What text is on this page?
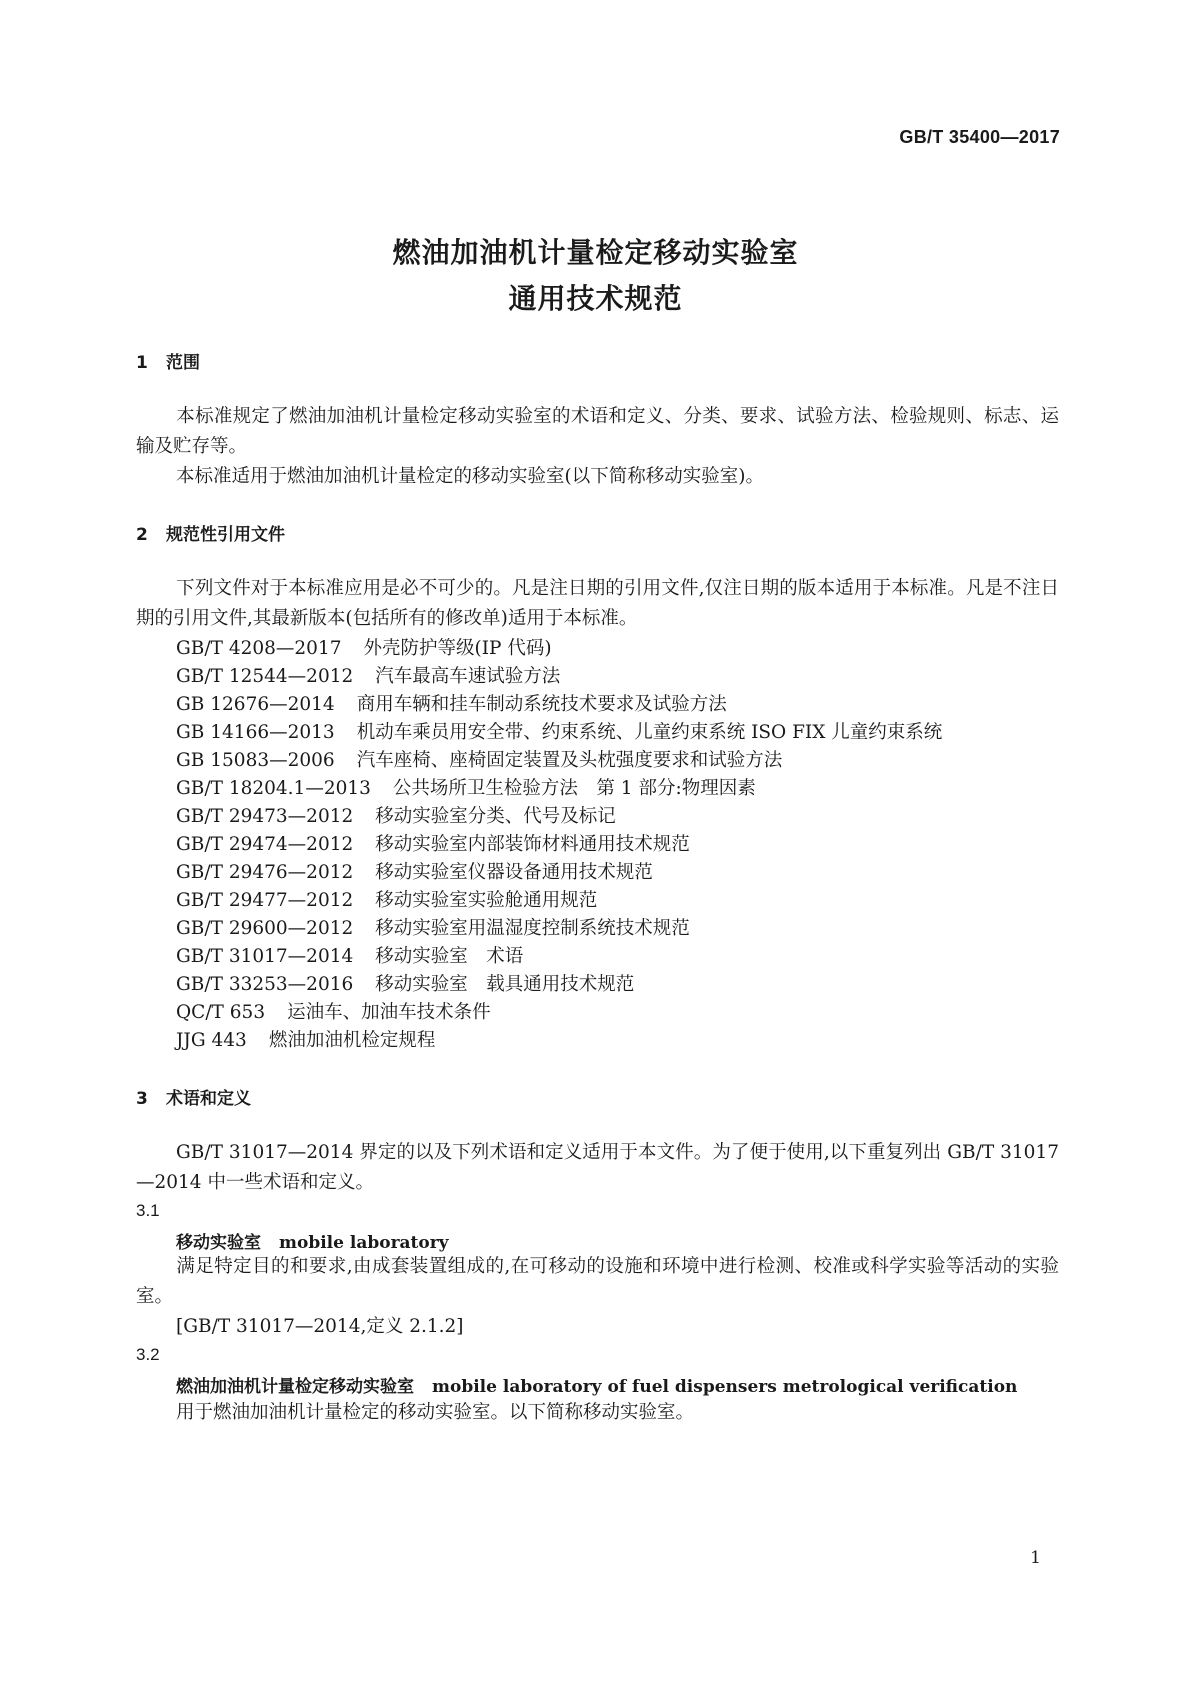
GB/T 35400—2017
燃油加油机计量检定移动实验室
通用技术规范
1 范围
本标准规定了燃油加油机计量检定移动实验室的术语和定义、分类、要求、试验方法、检验规则、标志、运输及贮存等。
本标准适用于燃油加油机计量检定的移动实验室(以下简称移动实验室)。
2 规范性引用文件
下列文件对于本标准应用是必不可少的。凡是注日期的引用文件,仅注日期的版本适用于本标准。凡是不注日期的引用文件,其最新版本(包括所有的修改单)适用于本标准。
GB/T 4208—2017 外壳防护等级(IP 代码)
GB/T 12544—2012 汽车最高车速试验方法
GB 12676—2014 商用车辆和挂车制动系统技术要求及试验方法
GB 14166—2013 机动车乘员用安全带、约束系统、儿童约束系统 ISO FIX 儿童约束系统
GB 15083—2006 汽车座椅、座椅固定装置及头枕强度要求和试验方法
GB/T 18204.1—2013 公共场所卫生检验方法　第 1 部分:物理因素
GB/T 29473—2012 移动实验室分类、代号及标记
GB/T 29474—2012 移动实验室内部装饰材料通用技术规范
GB/T 29476—2012 移动实验室仪器设备通用技术规范
GB/T 29477—2012 移动实验室实验舱通用规范
GB/T 29600—2012 移动实验室用温湿度控制系统技术规范
GB/T 31017—2014 移动实验室　术语
GB/T 33253—2016 移动实验室　载具通用技术规范
QC/T 653 运油车、加油车技术条件
JJG 443 燃油加油机检定规程
3 术语和定义
GB/T 31017—2014 界定的以及下列术语和定义适用于本文件。为了便于使用,以下重复列出 GB/T 31017—2014 中一些术语和定义。
3.1
移动实验室 mobile laboratory
满足特定目的和要求,由成套装置组成的,在可移动的设施和环境中进行检测、校准或科学实验等活动的实验室。
[GB/T 31017—2014,定义 2.1.2]
3.2
燃油加油机计量检定移动实验室 mobile laboratory of fuel dispensers metrological verification
用于燃油加油机计量检定的移动实验室。以下简称移动实验室。
1
